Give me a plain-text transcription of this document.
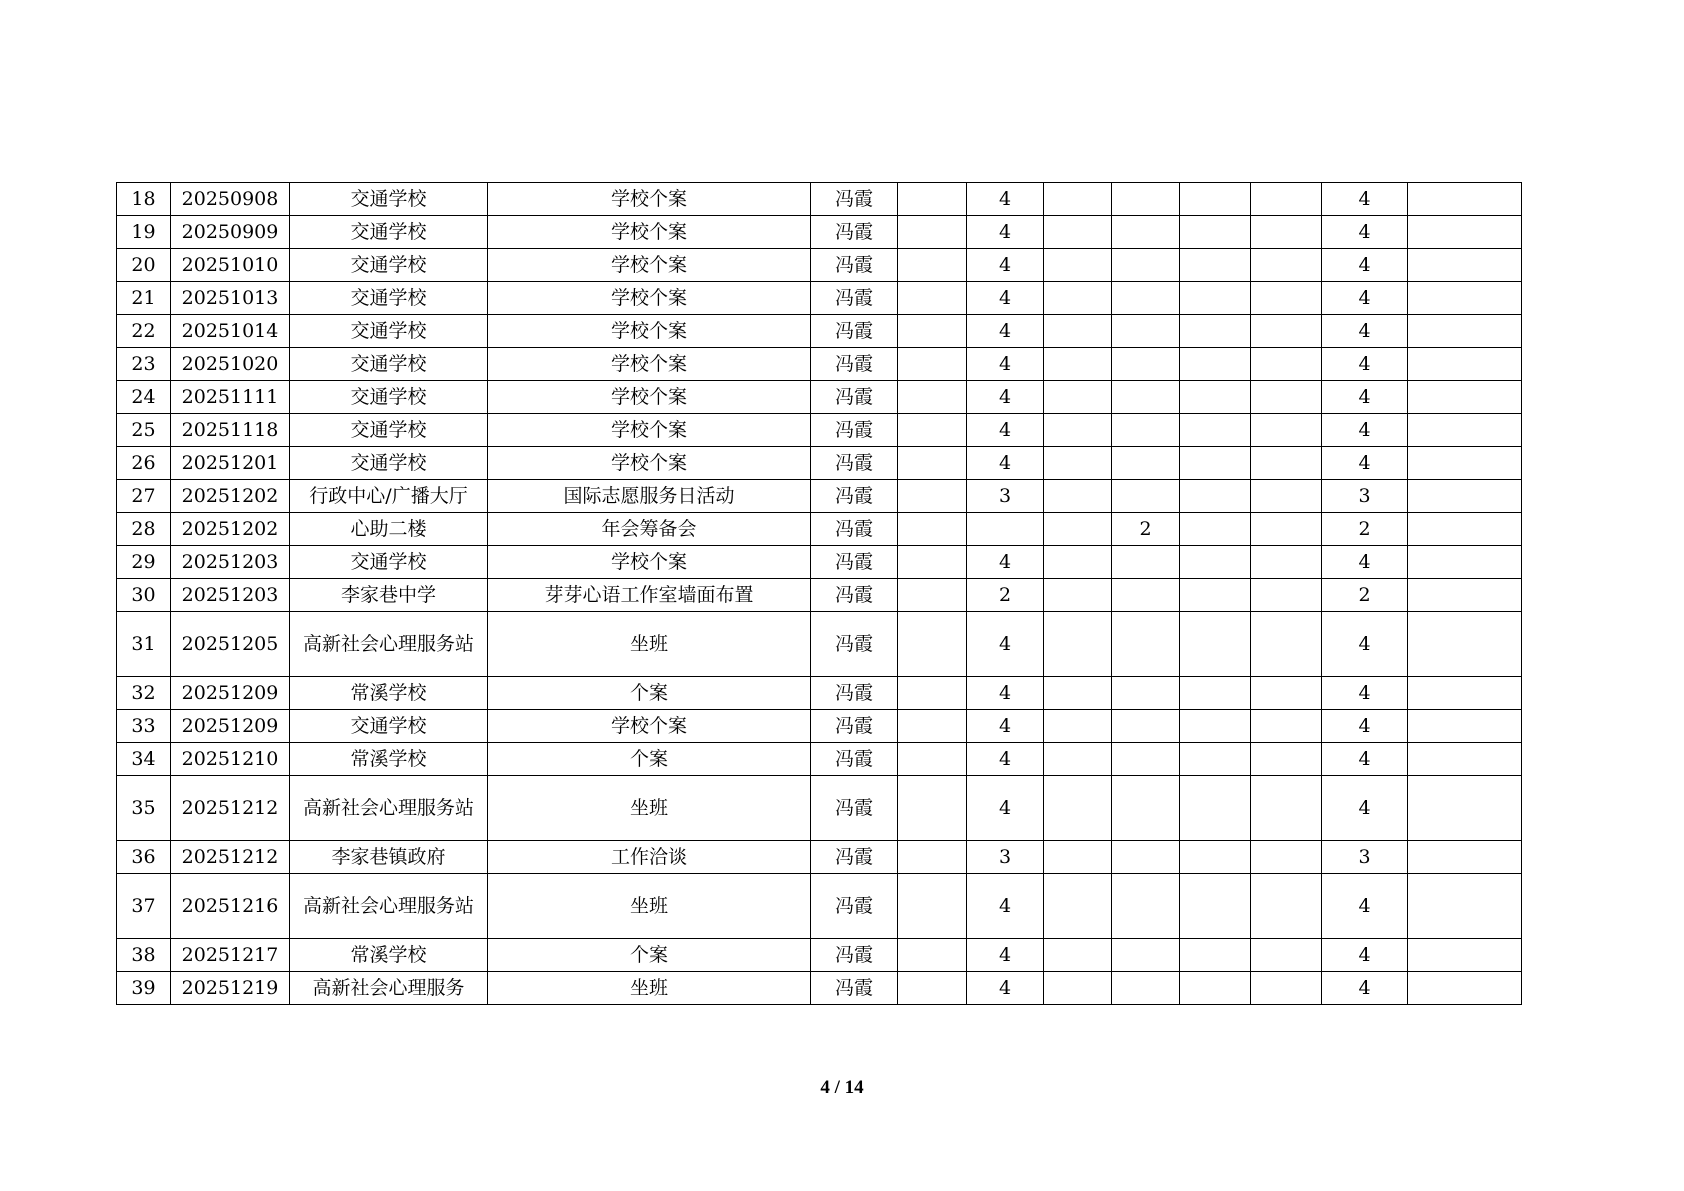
18	20250908	交通学校	学校个案	冯霞		4					4	
19	20250909	交通学校	学校个案	冯霞		4					4	
20	20251010	交通学校	学校个案	冯霞		4					4	
21	20251013	交通学校	学校个案	冯霞		4					4	
22	20251014	交通学校	学校个案	冯霞		4					4	
23	20251020	交通学校	学校个案	冯霞		4					4	
24	20251111	交通学校	学校个案	冯霞		4					4	
25	20251118	交通学校	学校个案	冯霞		4					4	
26	20251201	交通学校	学校个案	冯霞		4					4	
27	20251202	行政中心/广播大厅	国际志愿服务日活动	冯霞		3					3	
28	20251202	心助二楼	年会筹备会	冯霞				2			2	
29	20251203	交通学校	学校个案	冯霞		4					4	
30	20251203	李家巷中学	芽芽心语工作室墙面布置	冯霞		2					2	
31	20251205	高新社会心理服务站	坐班	冯霞		4					4	
32	20251209	常溪学校	个案	冯霞		4					4	
33	20251209	交通学校	学校个案	冯霞		4					4	
34	20251210	常溪学校	个案	冯霞		4					4	
35	20251212	高新社会心理服务站	坐班	冯霞		4					4	
36	20251212	李家巷镇政府	工作洽谈	冯霞		3					3	
37	20251216	高新社会心理服务站	坐班	冯霞		4					4	
38	20251217	常溪学校	个案	冯霞		4					4	
39	20251219	高新社会心理服务	坐班	冯霞		4					4	
4 / 14
